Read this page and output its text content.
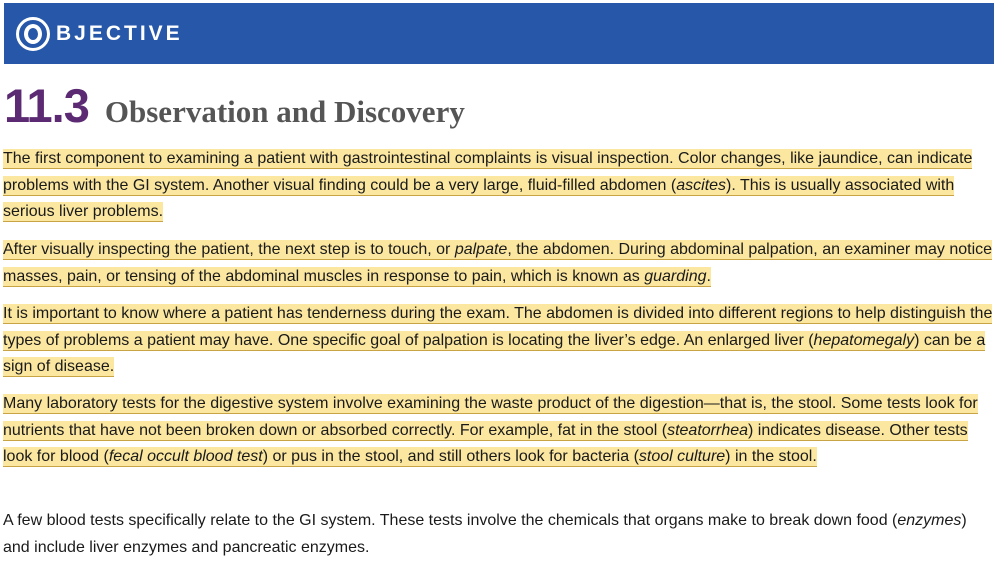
BJECTIVE
11.3 Observation and Discovery

The first component to examining a patient with gastrointestinal complaints is visual inspection. Color changes, like jaundice, can indicate problems with the GI system. Another visual finding could be a very large, fluid-filled abdomen (ascites). This is usually associated with serious liver problems.

After visually inspecting the patient, the next step is to touch, or palpate, the abdomen. During abdominal palpation, an examiner may notice masses, pain, or tensing of the abdominal muscles in response to pain, which is known as guarding.

It is important to know where a patient has tenderness during the exam. The abdomen is divided into different regions to help distinguish the types of problems a patient may have. One specific goal of palpation is locating the liver’s edge. An enlarged liver (hepatomegaly) can be a sign of disease.

Many laboratory tests for the digestive system involve examining the waste product of the digestion—that is, the stool. Some tests look for nutrients that have not been broken down or absorbed correctly. For example, fat in the stool (steatorrhea) indicates disease. Other tests look for blood (fecal occult blood test) or pus in the stool, and still others look for bacteria (stool culture) in the stool.

A few blood tests specifically relate to the GI system. These tests involve the chemicals that organs make to break down food (enzymes) and include liver enzymes and pancreatic enzymes.
